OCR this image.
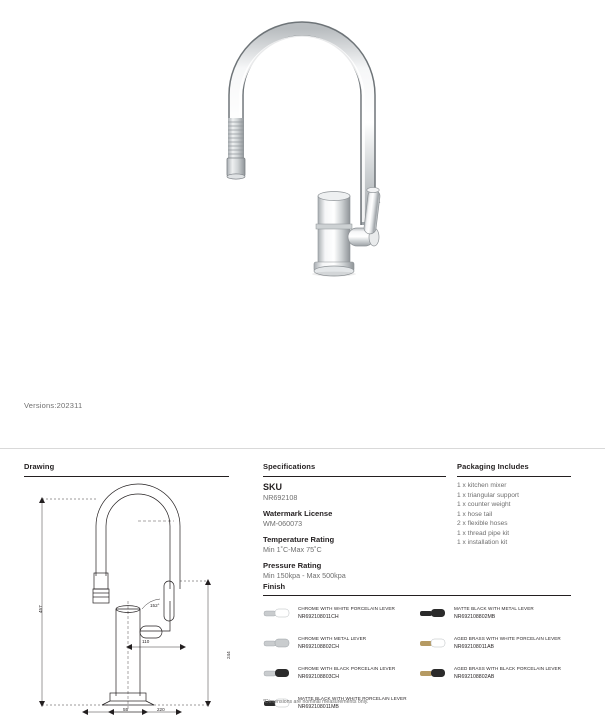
Versions:202311
Drawing
457
244
152°
110
55	220
Specifications
SKU
NR692108
Watermark License
WM-060073
Temperature Rating
Min 1˚C-Max 75˚C
Pressure Rating
Min 150kpa - Max 500kpa
Finish
CHROME WITH WHITE PORCELAIN LEVER
NR692108011CH
MATTE BLACK WITH METAL LEVER
NR692108802MB
CHROME WITH METAL LEVER
NR692108802CH
AGED BRASS WITH WHITE PORCELAIN LEVER
NR692108011AB
CHROME WITH BLACK PORCELAIN LEVER
NR692108803CH
AGED BRASS WITH BLACK PORCELAIN LEVER
NR692108802AB
MATTE BLACK WITH WHITE PORCELAIN LEVER
NR692108011MB
Packaging Includes
1 x kitchen mixer
1 x triangular support
1 x counter weight
1 x hose tail
2 x flexible hoses
1 x thread pipe kit
1 x installation kit
*Dimensions are nominal measurements only.
